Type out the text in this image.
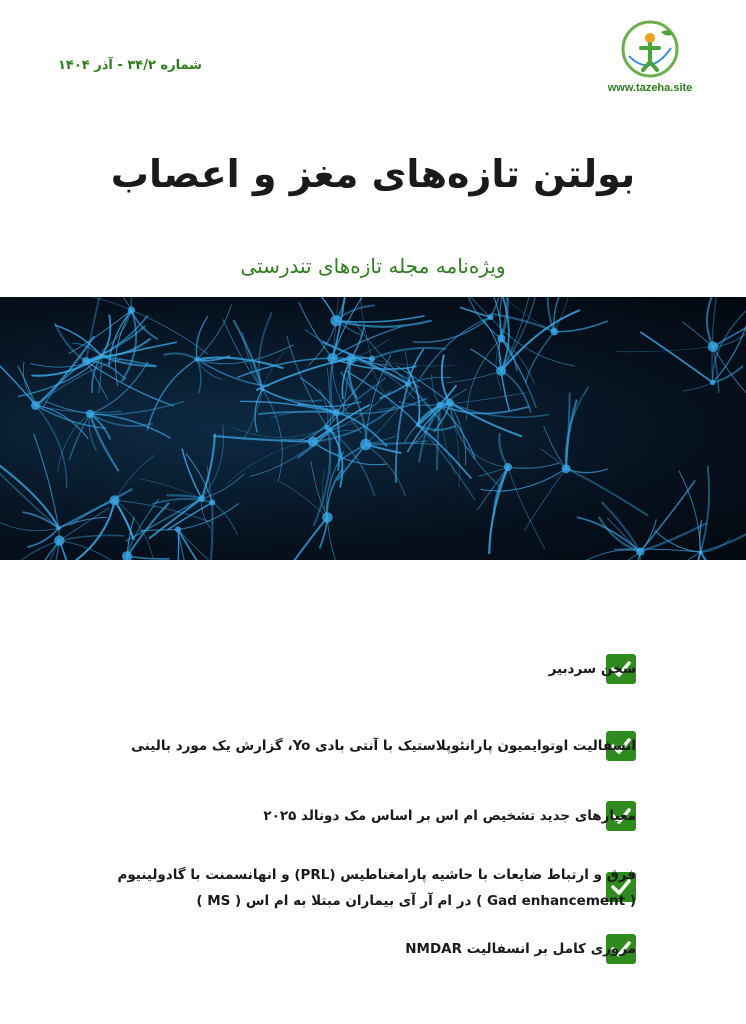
www.tazeha.site
شماره ۳۴/۲ - آذر ۱۴۰۴
بولتن تازه‌های مغز و اعصاب
ویژه‌نامه مجله تازه‌های تندرستی
سخن سردبیر
انسفالیت اوتوایمیون پارانئوپلاستیک با آنتی بادی Yo، گزارش یک مورد بالینی
معیارهای جدید تشخیص ام اس بر اساس مک دونالد ۲۰۲۵
فرق و ارتباط ضایعات با حاشیه پارامغناطیس (PRL) و انهانسمنت با گادولینیوم
( Gad enhancement ) در ام آر آی بیماران مبتلا به ام اس ( MS )
مروری کامل بر انسفالیت NMDAR
